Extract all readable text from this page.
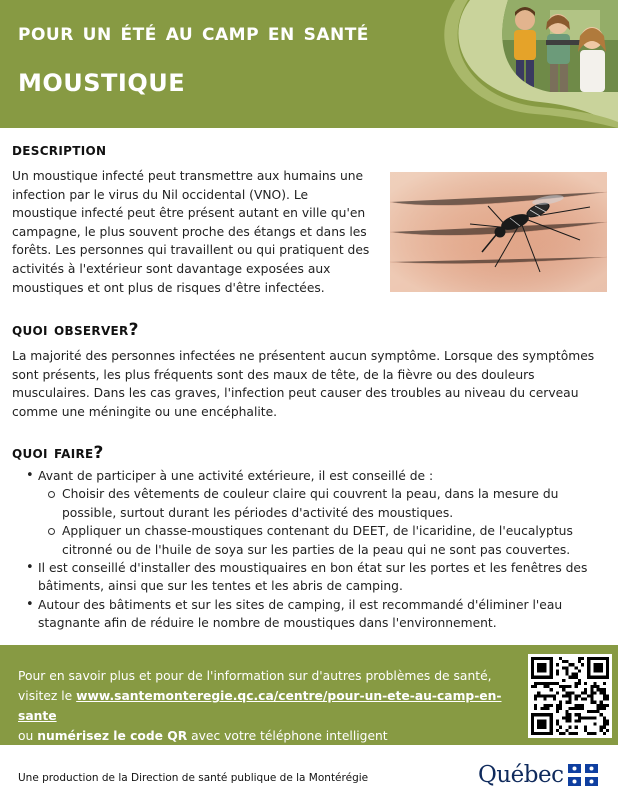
pour un été au camp en santé
moustique
description
Un moustique infecté peut transmettre aux humains une infection par le virus du Nil occidental (VNO). Le moustique infecté peut être présent autant en ville qu'en campagne, le plus souvent proche des étangs et dans les forêts. Les personnes qui travaillent ou qui pratiquent des activités à l'extérieur sont davantage exposées aux moustiques et ont plus de risques d'être infectées.
quoi observer?
La majorité des personnes infectées ne présentent aucun symptôme. Lorsque des symptômes sont présents, les plus fréquents sont des maux de tête, de la fièvre ou des douleurs musculaires. Dans les cas graves, l'infection peut causer des troubles au niveau du cerveau comme une méningite ou une encéphalite.
quoi faire?
• Avant de participer à une activité extérieure, il est conseillé de :
Choisir des vêtements de couleur claire qui couvrent la peau, dans la mesure du possible, surtout durant les périodes d'activité des moustiques.
Appliquer un chasse-moustiques contenant du DEET, de l'icaridine, de l'eucalyptus citronné ou de l'huile de soya sur les parties de la peau qui ne sont pas couvertes.
• Il est conseillé d'installer des moustiquaires en bon état sur les portes et les fenêtres des bâtiments, ainsi que sur les tentes et les abris de camping.
• Autour des bâtiments et sur les sites de camping, il est recommandé d'éliminer l'eau stagnante afin de réduire le nombre de moustiques dans l'environnement.
Pour en savoir plus et pour de l'information sur d'autres problèmes de santé,
visitez le www.santemonteregie.qc.ca/centre/pour-un-ete-au-camp-en-sante
ou numérisez le code QR avec votre téléphone intelligent
Une production de la Direction de santé publique de la Montérégie	Québec
